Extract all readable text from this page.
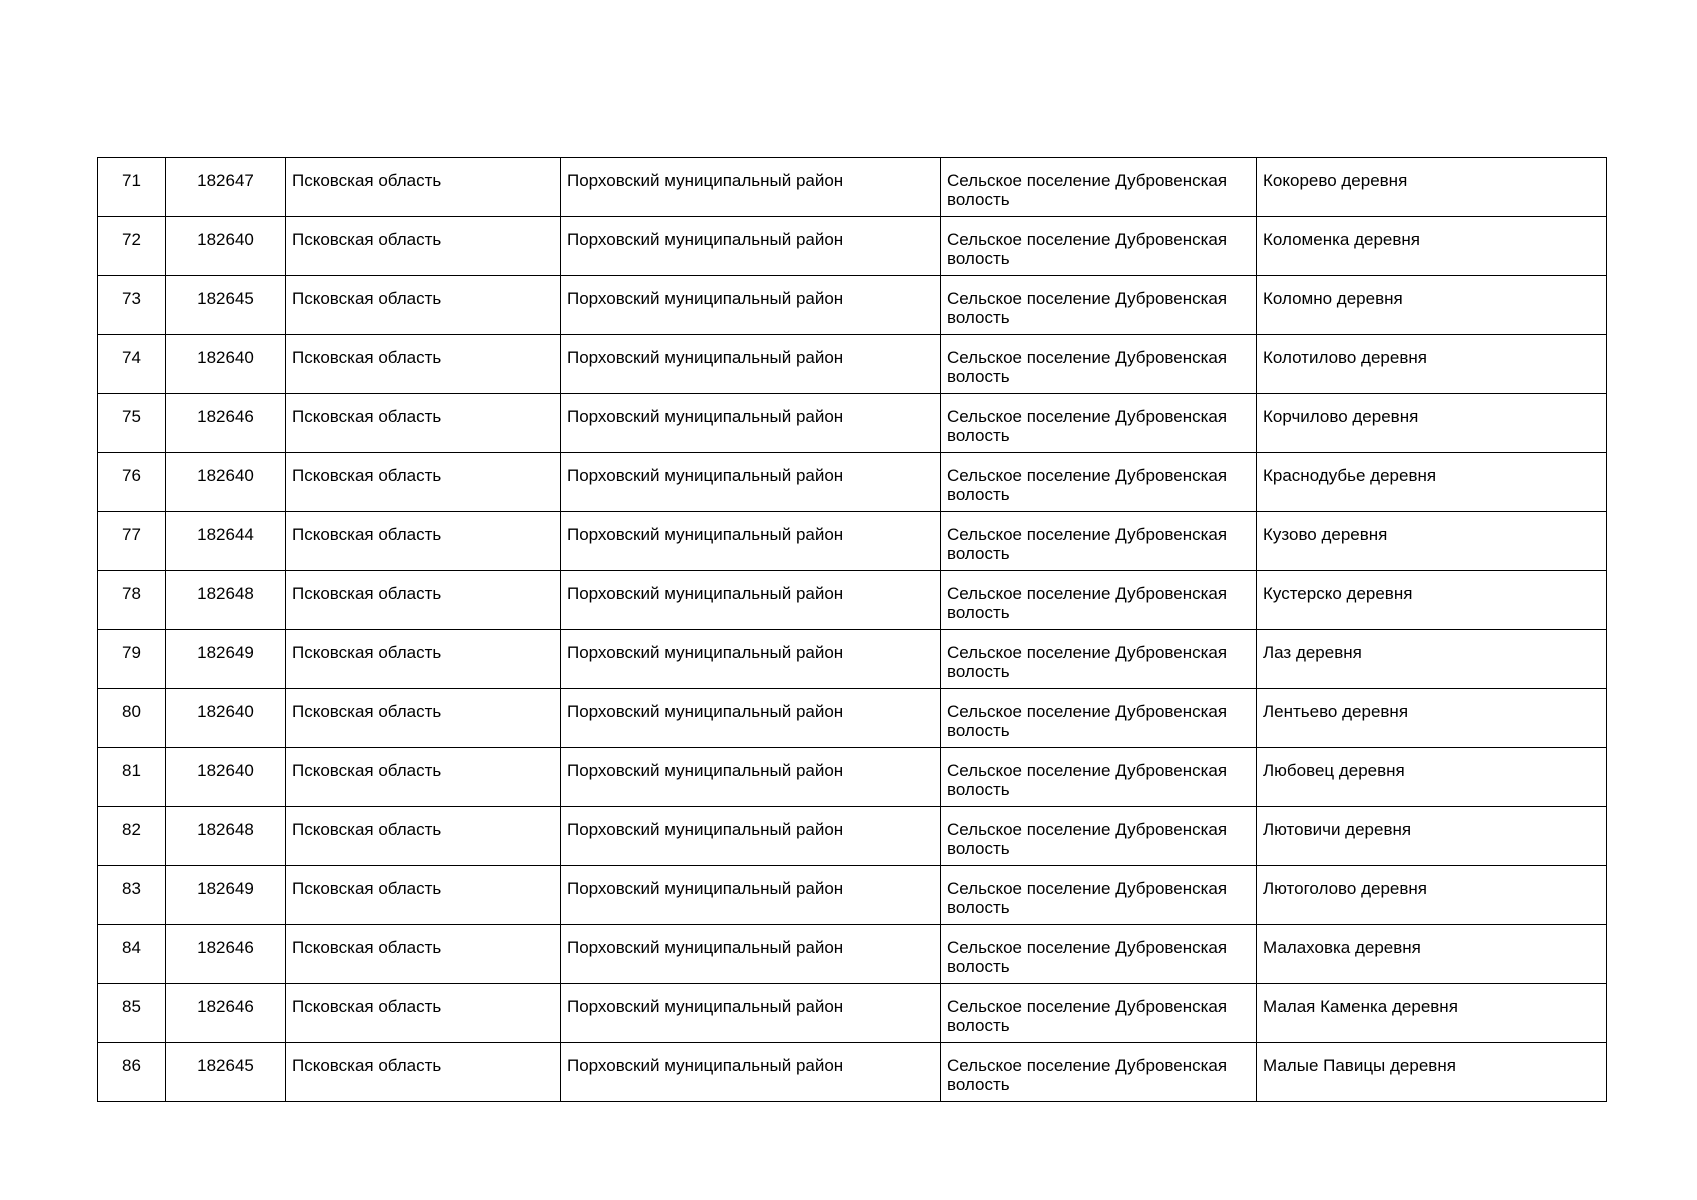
71	182647	Псковская область	Порховский муниципальный район	Сельское поселение Дубровенская волость	Кокорево деревня
72	182640	Псковская область	Порховский муниципальный район	Сельское поселение Дубровенская волость	Коломенка деревня
73	182645	Псковская область	Порховский муниципальный район	Сельское поселение Дубровенская волость	Коломно деревня
74	182640	Псковская область	Порховский муниципальный район	Сельское поселение Дубровенская волость	Колотилово деревня
75	182646	Псковская область	Порховский муниципальный район	Сельское поселение Дубровенская волость	Корчилово деревня
76	182640	Псковская область	Порховский муниципальный район	Сельское поселение Дубровенская волость	Краснодубье деревня
77	182644	Псковская область	Порховский муниципальный район	Сельское поселение Дубровенская волость	Кузово деревня
78	182648	Псковская область	Порховский муниципальный район	Сельское поселение Дубровенская волость	Кустерско деревня
79	182649	Псковская область	Порховский муниципальный район	Сельское поселение Дубровенская волость	Лаз деревня
80	182640	Псковская область	Порховский муниципальный район	Сельское поселение Дубровенская волость	Лентьево деревня
81	182640	Псковская область	Порховский муниципальный район	Сельское поселение Дубровенская волость	Любовец деревня
82	182648	Псковская область	Порховский муниципальный район	Сельское поселение Дубровенская волость	Лютовичи деревня
83	182649	Псковская область	Порховский муниципальный район	Сельское поселение Дубровенская волость	Лютоголово деревня
84	182646	Псковская область	Порховский муниципальный район	Сельское поселение Дубровенская волость	Малаховка деревня
85	182646	Псковская область	Порховский муниципальный район	Сельское поселение Дубровенская волость	Малая Каменка деревня
86	182645	Псковская область	Порховский муниципальный район	Сельское поселение Дубровенская волость	Малые Павицы деревня
